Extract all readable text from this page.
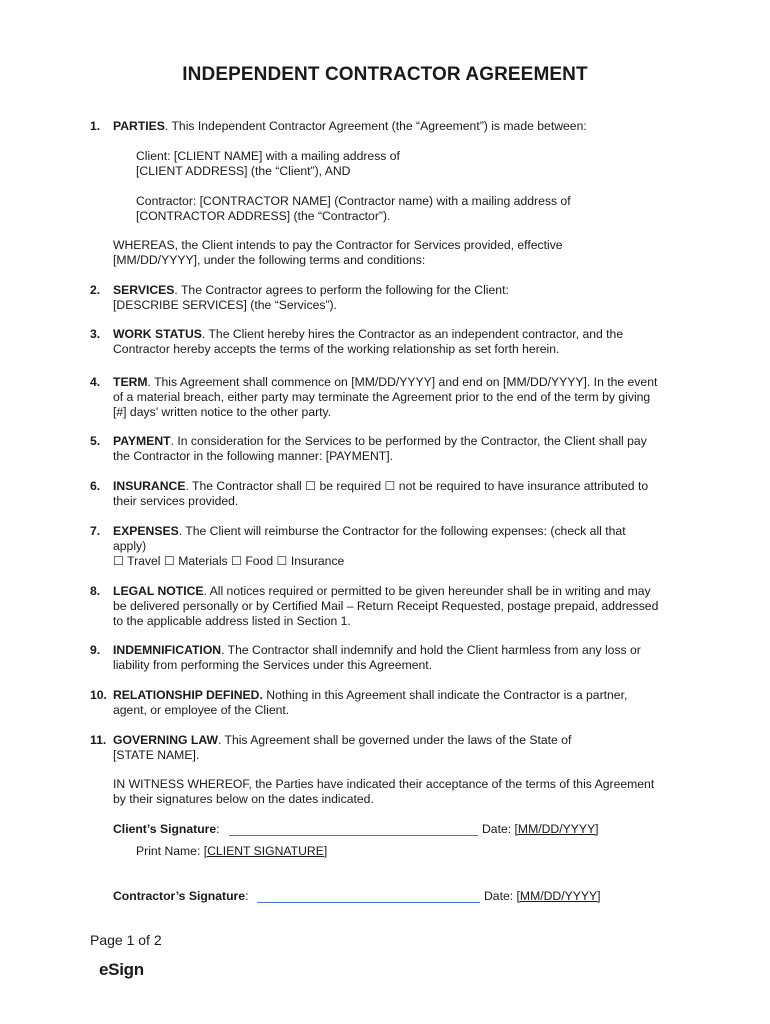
INDEPENDENT CONTRACTOR AGREEMENT
1. PARTIES. This Independent Contractor Agreement (the “Agreement”) is made between:
Client: [CLIENT NAME] with a mailing address of
[CLIENT ADDRESS] (the “Client”), AND
Contractor: [CONTRACTOR NAME] (Contractor name) with a mailing address of
[CONTRACTOR ADDRESS] (the “Contractor”).
WHEREAS, the Client intends to pay the Contractor for Services provided, effective
[MM/DD/YYYY], under the following terms and conditions:
2. SERVICES. The Contractor agrees to perform the following for the Client:
[DESCRIBE SERVICES] (the “Services”).
3. WORK STATUS. The Client hereby hires the Contractor as an independent contractor, and the
Contractor hereby accepts the terms of the working relationship as set forth herein.
4. TERM. This Agreement shall commence on [MM/DD/YYYY] and end on [MM/DD/YYYY]. In the event
of a material breach, either party may terminate the Agreement prior to the end of the term by giving
[#] days’ written notice to the other party.
5. PAYMENT. In consideration for the Services to be performed by the Contractor, the Client shall pay
the Contractor in the following manner: [PAYMENT].
6. INSURANCE. The Contractor shall ☐ be required ☐ not be required to have insurance attributed to
their services provided.
7. EXPENSES. The Client will reimburse the Contractor for the following expenses: (check all that
apply)
☐ Travel ☐ Materials ☐ Food ☐ Insurance
8. LEGAL NOTICE. All notices required or permitted to be given hereunder shall be in writing and may
be delivered personally or by Certified Mail – Return Receipt Requested, postage prepaid, addressed
to the applicable address listed in Section 1.
9. INDEMNIFICATION. The Contractor shall indemnify and hold the Client harmless from any loss or
liability from performing the Services under this Agreement.
10. RELATIONSHIP DEFINED. Nothing in this Agreement shall indicate the Contractor is a partner,
agent, or employee of the Client.
11. GOVERNING LAW. This Agreement shall be governed under the laws of the State of
[STATE NAME].
IN WITNESS WHEREOF, the Parties have indicated their acceptance of the terms of this Agreement
by their signatures below on the dates indicated.
Client’s Signature:	Date: [MM/DD/YYYY]
Print Name: [CLIENT SIGNATURE]
Contractor’s Signature:	Date: [MM/DD/YYYY]
Page 1 of 2
eSign
